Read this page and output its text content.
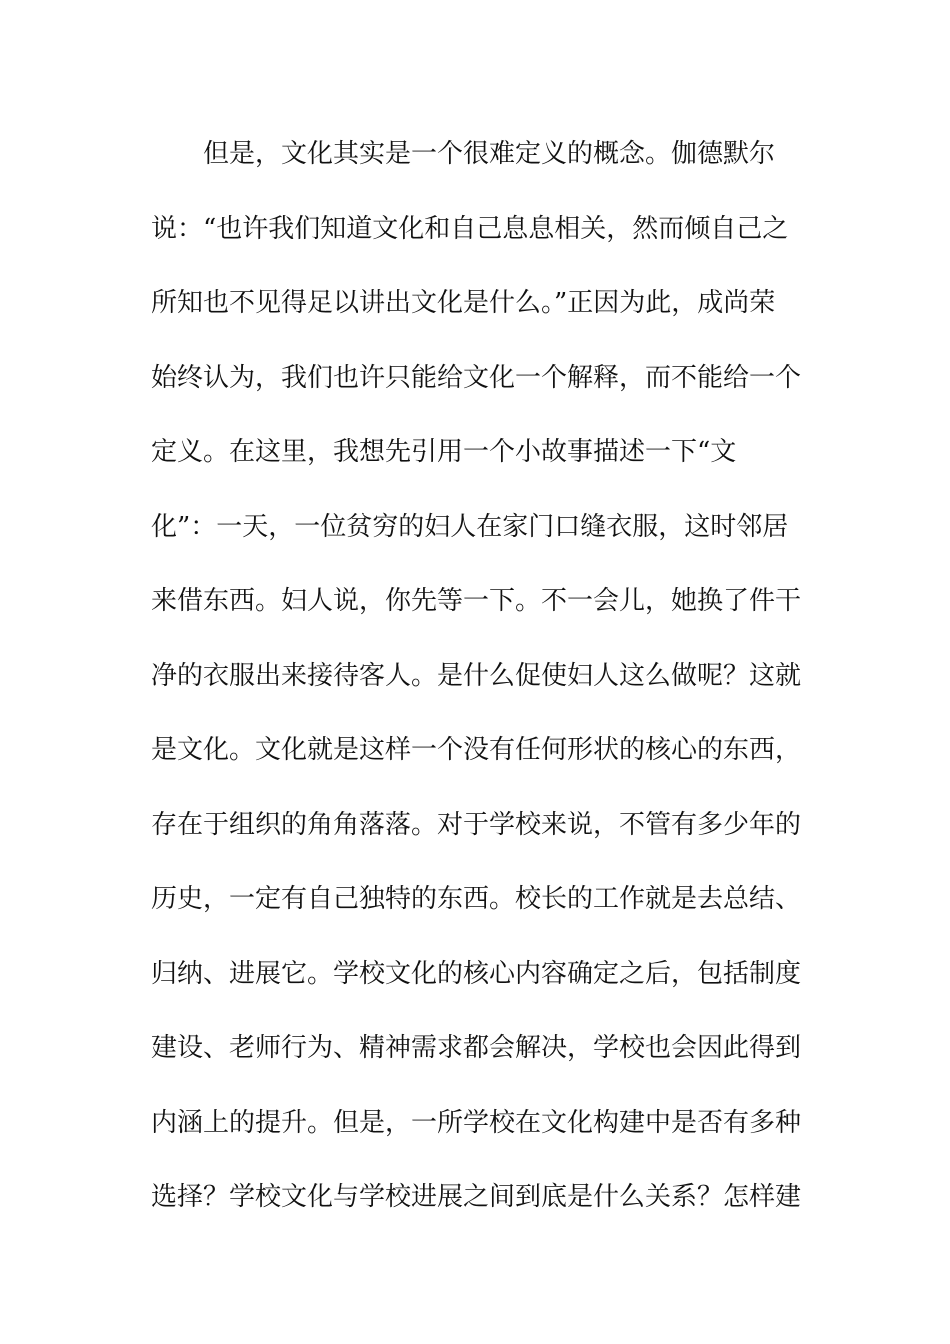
但是，文化其实是一个很难定义的概念。伽德默尔
说：“也许我们知道文化和自己息息相关，然而倾自己之
所知也不见得足以讲出文化是什么。”正因为此，成尚荣
始终认为，我们也许只能给文化一个解释，而不能给一个
定义。在这里，我想先引用一个小故事描述一下“文
化”：一天，一位贫穷的妇人在家门口缝衣服，这时邻居
来借东西。妇人说，你先等一下。不一会儿，她换了件干
净的衣服出来接待客人。是什么促使妇人这么做呢？这就
是文化。文化就是这样一个没有任何形状的核心的东西，
存在于组织的角角落落。对于学校来说，不管有多少年的
历史，一定有自己独特的东西。校长的工作就是去总结、
归纳、进展它。学校文化的核心内容确定之后，包括制度
建设、老师行为、精神需求都会解决，学校也会因此得到
内涵上的提升。但是，一所学校在文化构建中是否有多种
选择？学校文化与学校进展之间到底是什么关系？怎样建
